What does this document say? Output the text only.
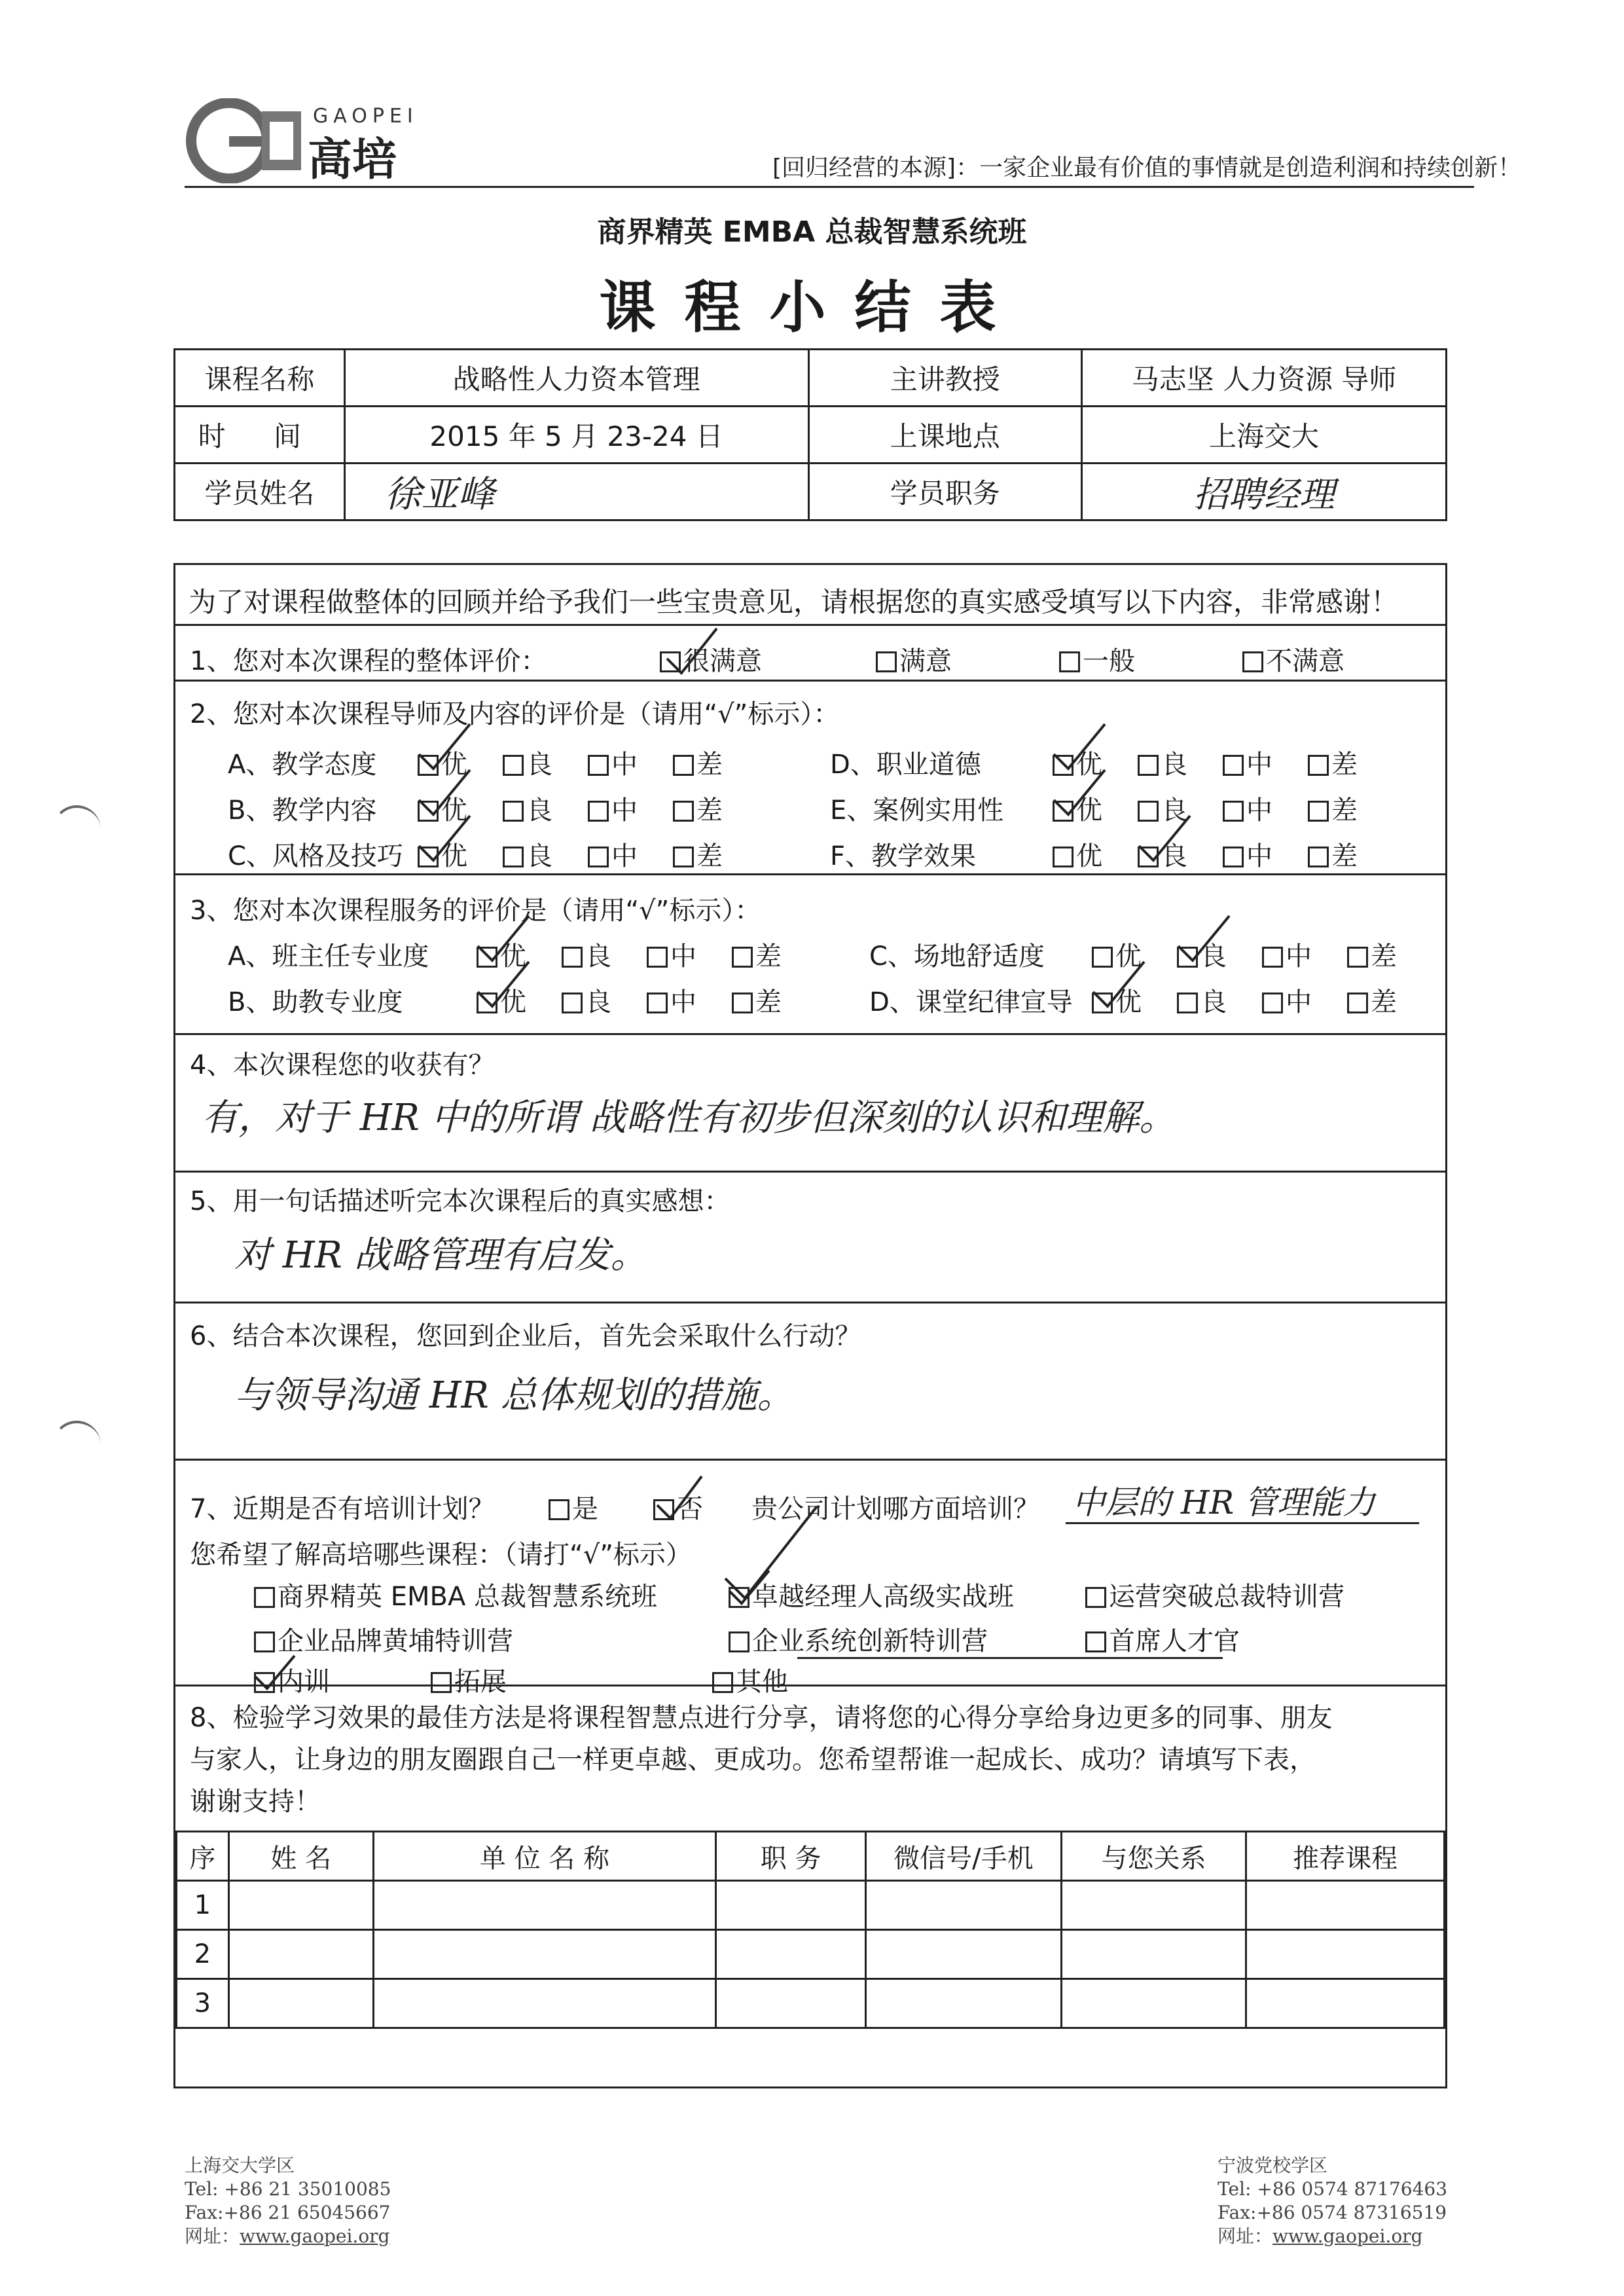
GAOPEI
高培	[回归经营的本源]：一家企业最有价值的事情就是创造利润和持续创新！
商界精英 EMBA 总裁智慧系统班
课程小结表
课程名称	战略性人力资本管理	主讲教授	马志坚 人力资源 导师
时 间	2015 年 5 月 23-24 日	上课地点	上海交大
学员姓名	徐亚峰	学员职务	招聘经理
为了对课程做整体的回顾并给予我们一些宝贵意见，请根据您的真实感受填写以下内容，非常感谢！
1、您对本次课程的整体评价：	很满意	满意	一般	不满意
2、您对本次课程导师及内容的评价是（请用“√”标示）：
A、教学态度	优	良	中	差
B、教学内容	优	良	中	差
C、风格及技巧	优	良	中	差
D、职业道德	优	良	中	差
E、案例实用性	优	良	中	差
F、教学效果	优	良	中	差
3、您对本次课程服务的评价是（请用“√”标示）：
A、班主任专业度	优	良	中	差
B、助教专业度	优	良	中	差
C、场地舒适度	优	良	中	差
D、课堂纪律宣导	优	良	中	差
4、本次课程您的收获有？
有，对于 HR 中的所谓 战略性有初步但深刻的认识和理解。
5、用一句话描述听完本次课程后的真实感想：
对 HR 战略管理有启发。
6、结合本次课程，您回到企业后，首先会采取什么行动？
与领导沟通 HR 总体规划的措施。
7、近期是否有培训计划？	是	否 贵公司计划哪方面培训？ 中层的 HR 管理能力
您希望了解高培哪些课程：（请打“√”标示）
商界精英 EMBA 总裁智慧系统班	卓越经理人高级实战班	运营突破总裁特训营
企业品牌黄埔特训营	企业系统创新特训营	首席人才官
内训	拓展	其他
8、检验学习效果的最佳方法是将课程智慧点进行分享，请将您的心得分享给身边更多的同事、朋友
与家人，让身边的朋友圈跟自己一样更卓越、更成功。您希望帮谁一起成长、成功？请填写下表，
谢谢支持！
序	姓 名	单 位 名 称	职 务	微信号/手机	与您关系	推荐课程
1						
2						
3						
上海交大学区
Tel: +86 21 35010085
Fax:+86 21 65045667
网址：www.gaopei.org
宁波党校学区
Tel: +86 0574 87176463
Fax:+86 0574 87316519
网址：www.gaopei.org
